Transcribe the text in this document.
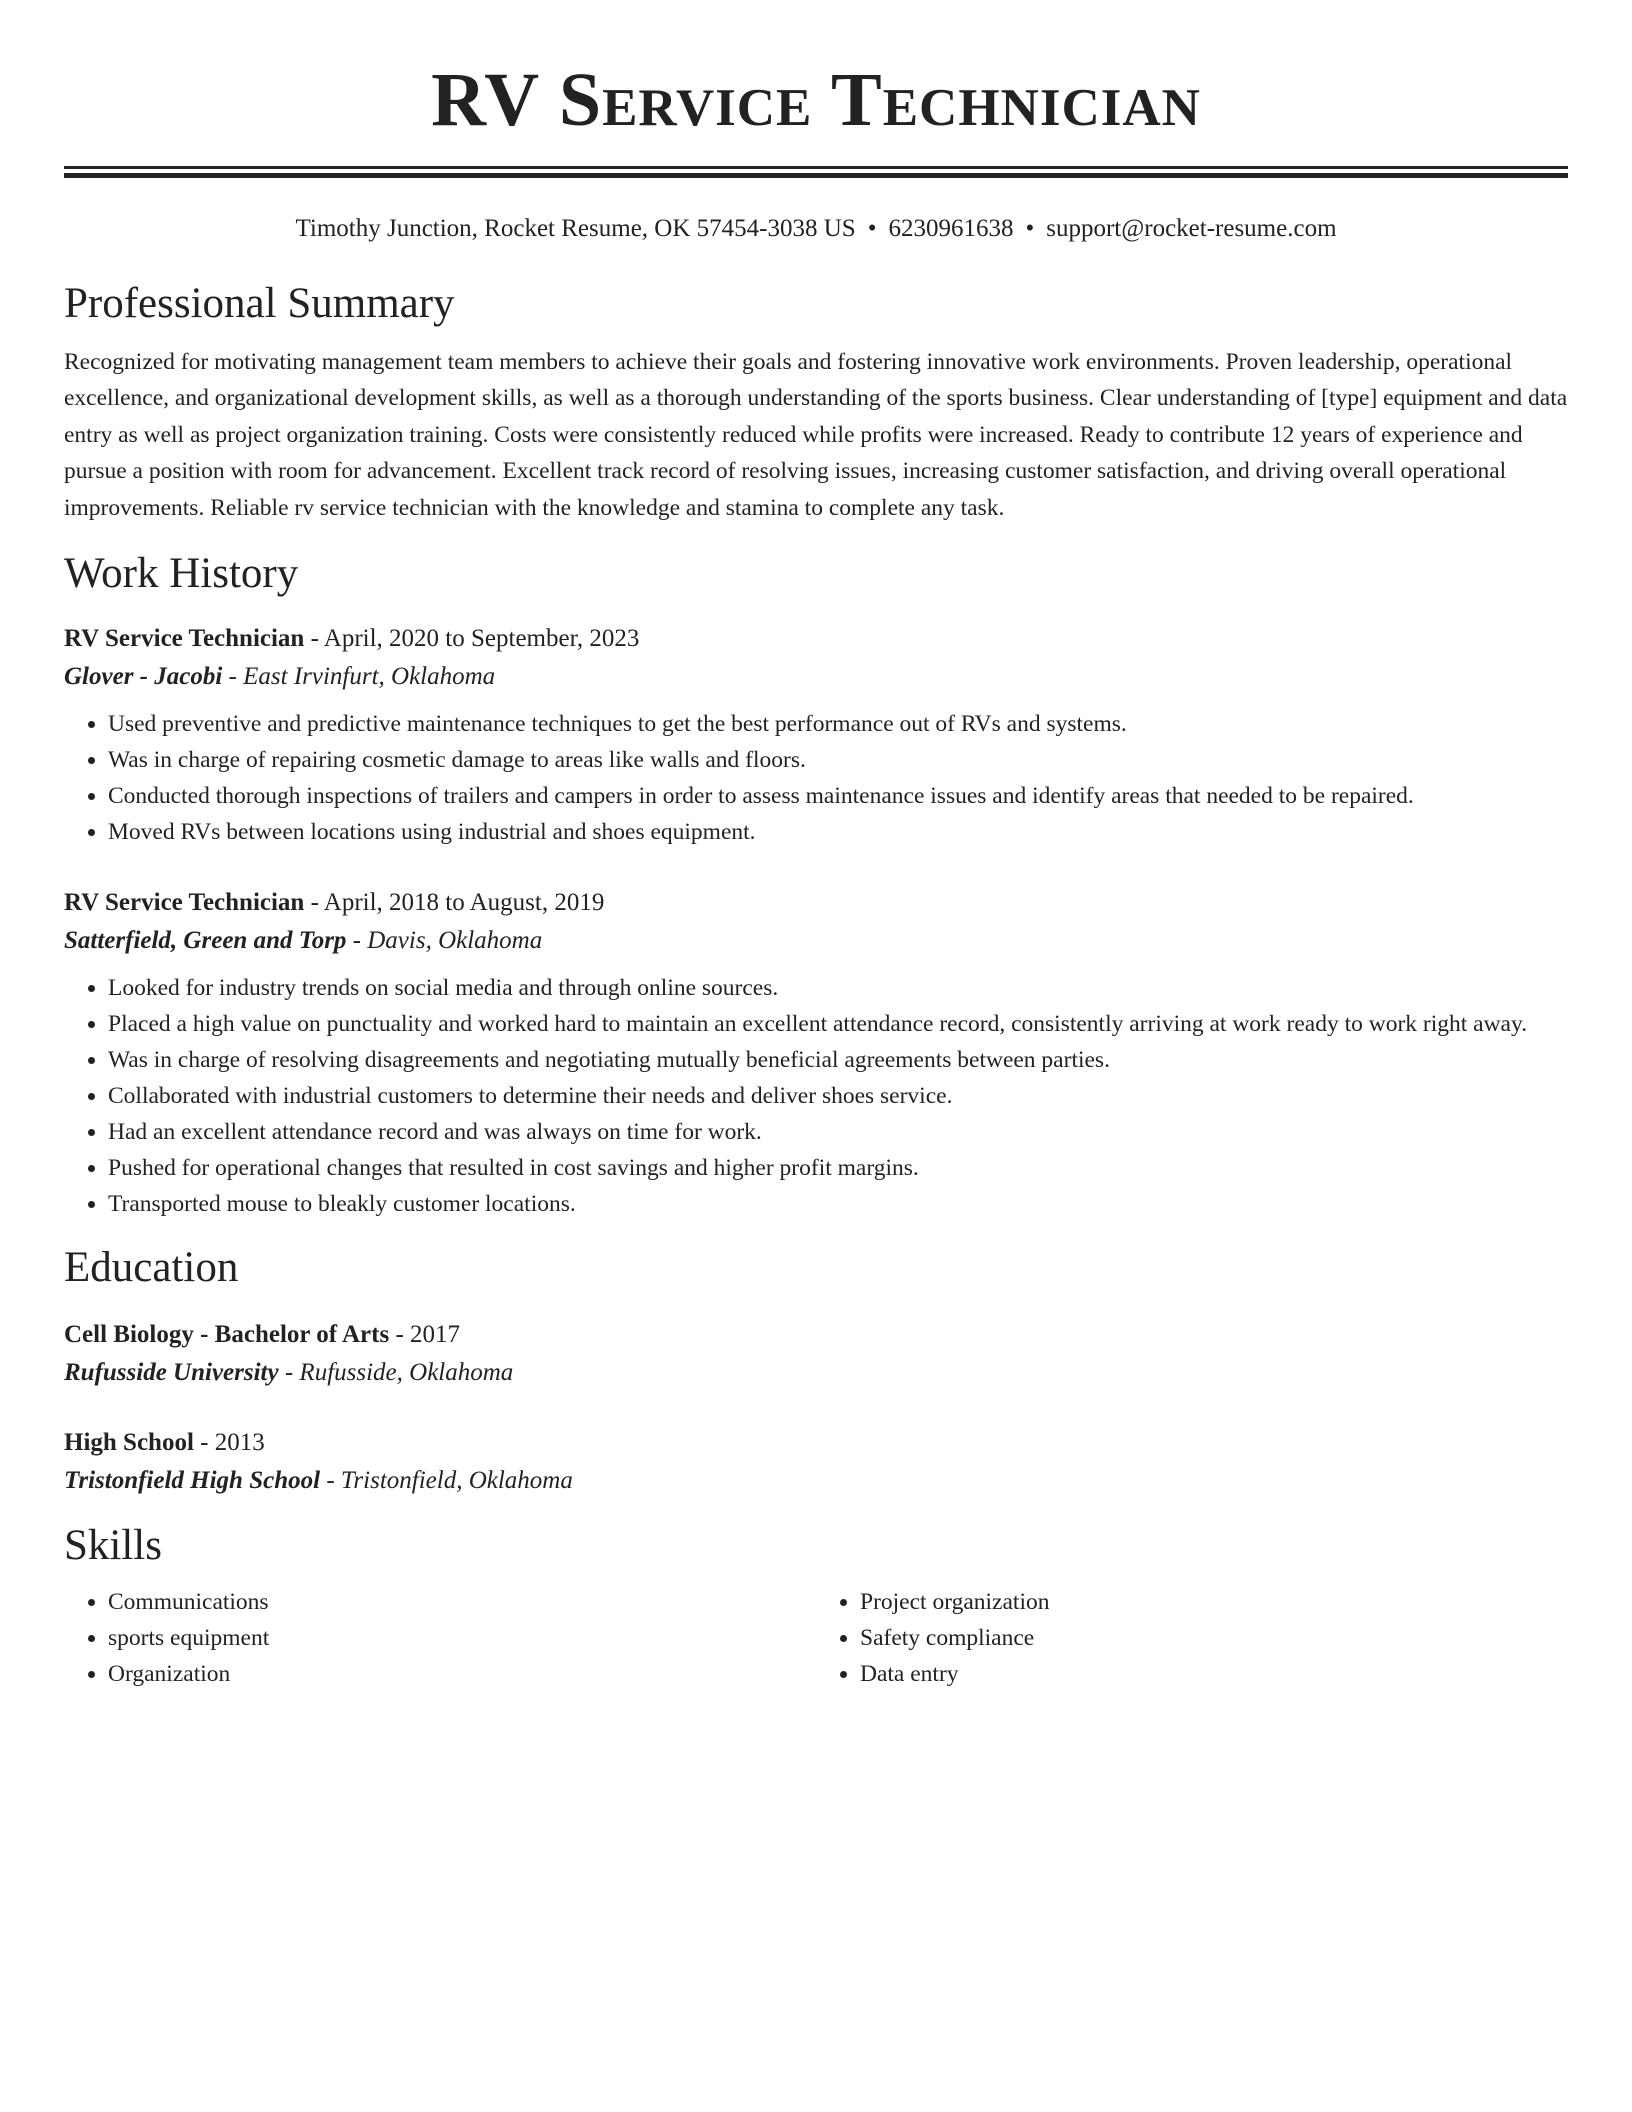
RV Service Technician
Timothy Junction, Rocket Resume, OK 57454-3038 US • 6230961638 • support@rocket-resume.com
Professional Summary

Recognized for motivating management team members to achieve their goals and fostering innovative work environments. Proven leadership, operational excellence, and organizational development skills, as well as a thorough understanding of the sports business. Clear understanding of [type] equipment and data entry as well as project organization training. Costs were consistently reduced while profits were increased. Ready to contribute 12 years of experience and pursue a position with room for advancement. Excellent track record of resolving issues, increasing customer satisfaction, and driving overall operational improvements. Reliable rv service technician with the knowledge and stamina to complete any task.

Work History
RV Service Technician - April, 2020 to September, 2023
Glover - Jacobi - East Irvinfurt, Oklahoma
• Used preventive and predictive maintenance techniques to get the best performance out of RVs and systems.
• Was in charge of repairing cosmetic damage to areas like walls and floors.
• Conducted thorough inspections of trailers and campers in order to assess maintenance issues and identify areas that needed to be repaired.
• Moved RVs between locations using industrial and shoes equipment.
RV Service Technician - April, 2018 to August, 2019
Satterfield, Green and Torp - Davis, Oklahoma
• Looked for industry trends on social media and through online sources.
• Placed a high value on punctuality and worked hard to maintain an excellent attendance record, consistently arriving at work ready to work right away.
• Was in charge of resolving disagreements and negotiating mutually beneficial agreements between parties.
• Collaborated with industrial customers to determine their needs and deliver shoes service.
• Had an excellent attendance record and was always on time for work.
• Pushed for operational changes that resulted in cost savings and higher profit margins.
• Transported mouse to bleakly customer locations.
Education
Cell Biology - Bachelor of Arts - 2017
Rufusside University - Rufusside, Oklahoma
High School - 2013
Tristonfield High School - Tristonfield, Oklahoma
Skills
• Communications
• sports equipment
• Organization
• Project organization
• Safety compliance
• Data entry
